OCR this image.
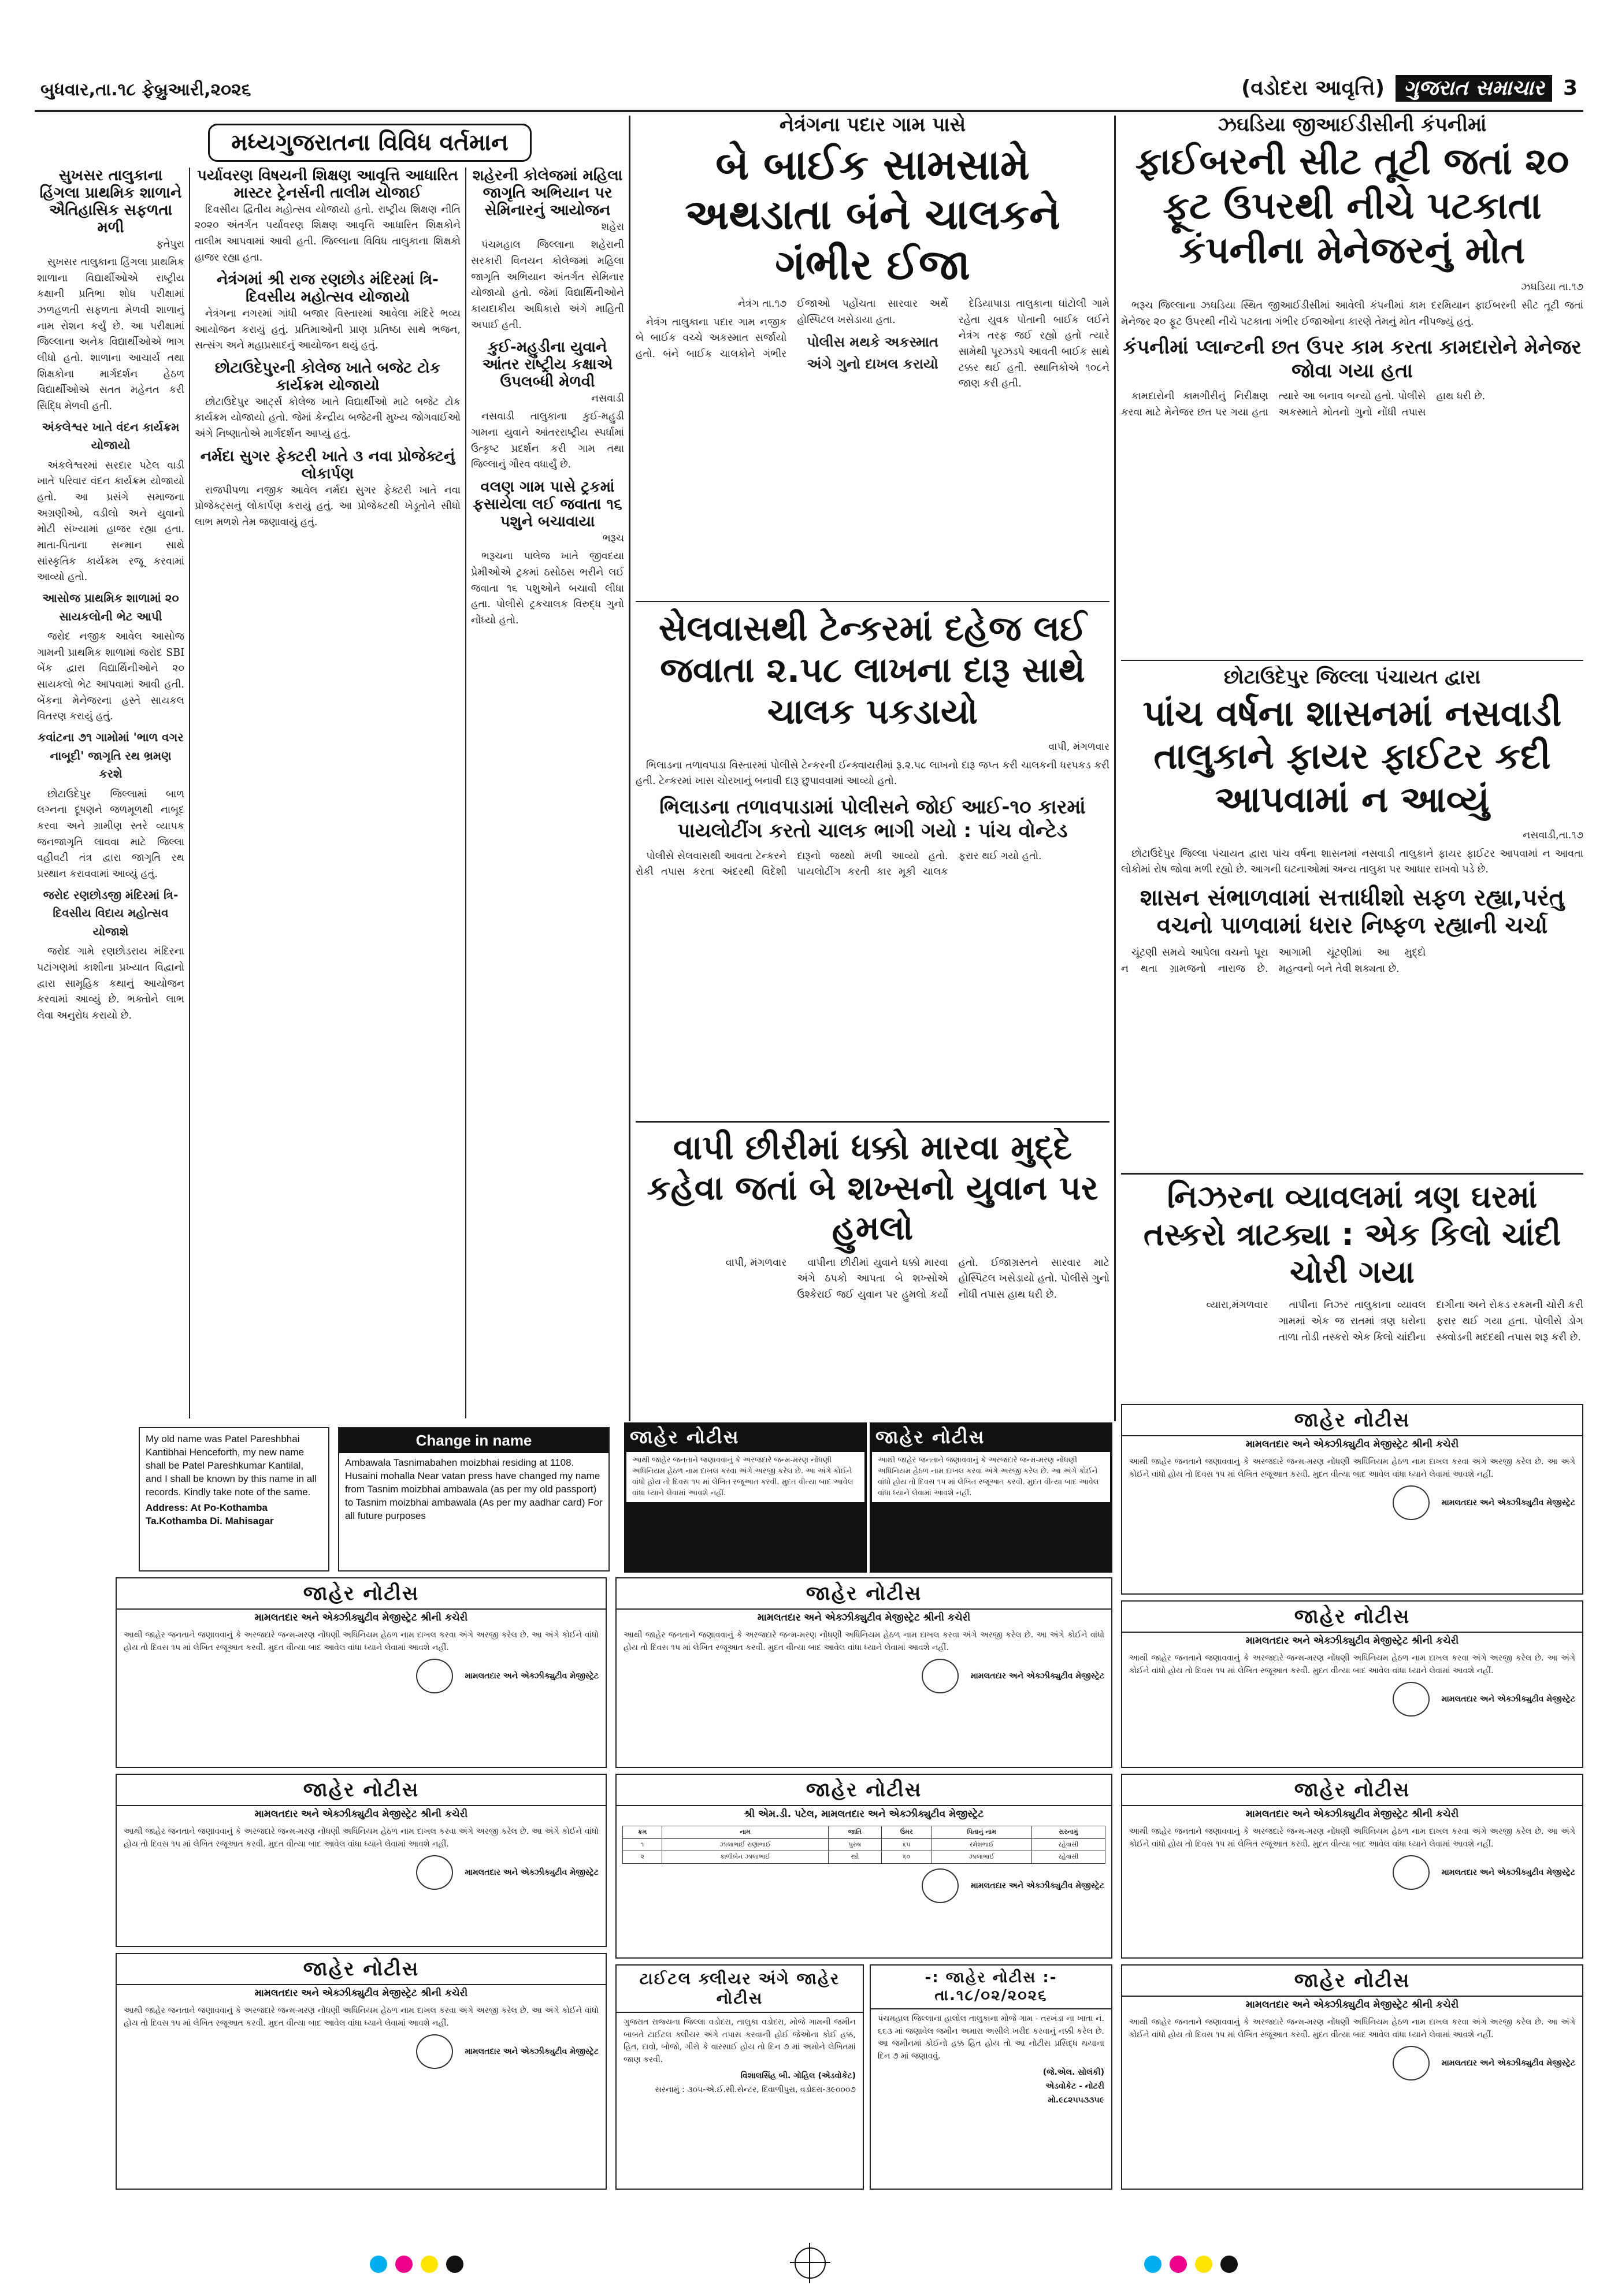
બુધવાર,તા.૧૮ ફેબ્રુઆરી,૨૦૨૬	(વડોદરા આવૃત્તિ) ગુજરાત સમાચાર 3
મધ્યગુજરાતના વિવિધ વર્તમાન
સુખસર તાલુકાના હિંગલા પ્રાથમિક શાળાને ઐતિહાસિક સફળતા મળી

ફતેપુરા

સુખસર તાલુકાના હિંગલા પ્રાથમિક શાળાના વિદ્યાર્થીઓએ રાષ્ટ્રીય કક્ષાની પ્રતિભા શોધ પરીક્ષામાં ઝળહળતી સફળતા મેળવી શાળાનું નામ રોશન કર્યું છે. આ પરીક્ષામાં જિલ્લાના અનેક વિદ્યાર્થીઓએ ભાગ લીધો હતો. શાળાના આચાર્ય તથા શિક્ષકોના માર્ગદર્શન હેઠળ વિદ્યાર્થીઓએ સતત મહેનત કરી સિદ્ધિ મેળવી હતી.

અંકલેશ્વર ખાતે વંદન કાર્યક્રમ યોજાયો

અંકલેશ્વરમાં સરદાર પટેલ વાડી ખાતે પરિવાર વંદન કાર્યક્રમ યોજાયો હતો. આ પ્રસંગે સમાજના અગ્રણીઓ, વડીલો અને યુવાનો મોટી સંખ્યામાં હાજર રહ્યા હતા. માતા-પિતાના સન્માન સાથે સાંસ્કૃતિક કાર્યક્રમ રજૂ કરવામાં આવ્યો હતો.

આસોજ પ્રાથમિક શાળામાં ૨૦ સાયકલોની ભેટ આપી

જરોદ નજીક આવેલ આસોજ ગામની પ્રાથમિક શાળામાં જરોદ SBI બેંક દ્વારા વિદ્યાર્થિનીઓને ૨૦ સાયકલો ભેટ આપવામાં આવી હતી. બેંકના મેનેજરના હસ્તે સાયકલ વિતરણ કરાયું હતું.

કવાંટના ૭૧ ગામોમાં 'ભાળ વગર નાબૂદી' જાગૃતિ રથ ભ્રમણ કરશે

છોટાઉદેપુર જિલ્લામાં બાળ લગ્નના દૂષણને જળમૂળથી નાબૂદ કરવા અને ગ્રામીણ સ્તરે વ્યાપક જનજાગૃતિ લાવવા માટે જિલ્લા વહીવટી તંત્ર દ્વારા જાગૃતિ રથ પ્રસ્થાન કરાવવામાં આવ્યું હતું.

જરોદ રણછોડજી મંદિરમાં ત્રિ-દિવસીય વિદાય મહોત્સવ યોજાશે

જરોદ ગામે રણછોડરાય મંદિરના પટાંગણમાં કાશીના પ્રખ્યાત વિદ્વાનો દ્વારા સામૂહિક કથાનું આયોજન કરવામાં આવ્યું છે. ભક્તોને લાભ લેવા અનુરોધ કરાયો છે.

પર્યાવરણ વિષયની શિક્ષણ આવૃત્તિ આધારિત માસ્ટર ટ્રેનર્સની તાલીમ યોજાઈ

દિવસીય દ્વિતીય મહોત્સવ યોજાયો હતો. રાષ્ટ્રીય શિક્ષણ નીતિ ૨૦૨૦ અંતર્ગત પર્યાવરણ શિક્ષણ આવૃત્તિ આધારિત શિક્ષકોને તાલીમ આપવામાં આવી હતી. જિલ્લાના વિવિધ તાલુકાના શિક્ષકો હાજર રહ્યા હતા.

નેત્રંગમાં શ્રી રાજ રણછોડ મંદિરમાં ત્રિ-દિવસીય મહોત્સવ યોજાયો

નેત્રંગના નગરમાં ગાંધી બજાર વિસ્તારમાં આવેલા મંદિરે ભવ્ય આયોજન કરાયું હતું. પ્રતિમાઓની પ્રાણ પ્રતિષ્ઠા સાથે ભજન, સત્સંગ અને મહાપ્રસાદનું આયોજન થયું હતું.

છોટાઉદેપુરની કોલેજ ખાતે બજેટ ટોક કાર્યક્રમ યોજાયો

છોટાઉદેપુર આર્ટ્સ કોલેજ ખાતે વિદ્યાર્થીઓ માટે બજેટ ટોક કાર્યક્રમ યોજાયો હતો. જેમાં કેન્દ્રીય બજેટની મુખ્ય જોગવાઈઓ અંગે નિષ્ણાતોએ માર્ગદર્શન આપ્યું હતું.

નર્મદા સુગર ફેક્ટરી ખાતે ૩ નવા પ્રોજેક્ટનું લોકાર્પણ

રાજપીપળા નજીક આવેલ નર્મદા સુગર ફેક્ટરી ખાતે નવા પ્રોજેક્ટ્સનું લોકાર્પણ કરાયું હતું. આ પ્રોજેક્ટથી ખેડૂતોને સીધો લાભ મળશે તેમ જણાવાયું હતું.

શહેરની કોલેજમાં મહિલા જાગૃતિ અભિયાન પર સેમિનારનું આયોજન

શહેરા

પંચમહાલ જિલ્લાના શહેરાની સરકારી વિનયન કોલેજમાં મહિલા જાગૃતિ અભિયાન અંતર્ગત સેમિનાર યોજાયો હતો. જેમાં વિદ્યાર્થિનીઓને કાયદાકીય અધિકારો અંગે માહિતી અપાઈ હતી.

કુઈ-મહુડીના યુવાને આંતર રાષ્ટ્રીય કક્ષાએ ઉપલબ્ધી મેળવી

નસવાડી

નસવાડી તાલુકાના કુઈ-મહુડી ગામના યુવાને આંતરરાષ્ટ્રીય સ્પર્ધામાં ઉત્કૃષ્ટ પ્રદર્શન કરી ગામ તથા જિલ્લાનું ગૌરવ વધાર્યું છે.

વલણ ગામ પાસે ટ્રકમાં ફસાયેલા લઈ જવાતા ૧૬ પશુને બચાવાયા

ભરૂચ

ભરૂચના પાલેજ ખાતે જીવદયા પ્રેમીઓએ ટ્રકમાં ઠસોઠસ ભરીને લઈ જવાતા ૧૬ પશુઓને બચાવી લીધા હતા. પોલીસે ટ્રકચાલક વિરુદ્ધ ગુનો નોંધ્યો હતો.

નેત્રંગના પદાર ગામ પાસે
બે બાઈક સામસામે અથડાતા બંને ચાલકને ગંભીર ઈજા

નેત્રંગ તા.૧૭

નેત્રંગ તાલુકાના પદાર ગામ નજીક બે બાઈક વચ્ચે અકસ્માત સર્જાયો હતો. બંને બાઈક ચાલકોને ગંભીર ઈજાઓ પહોંચતા સારવાર અર્થે હોસ્પિટલ ખસેડાયા હતા.

પોલીસ મથકે અકસ્માત અંગે ગુનો દાખલ કરાયો

દેડિયાપાડા તાલુકાના ઘાંટોલી ગામે રહેતા યુવક પોતાની બાઈક લઈને નેત્રંગ તરફ જઈ રહ્યો હતો ત્યારે સામેથી પૂરઝડપે આવતી બાઈક સાથે ટક્કર થઈ હતી. સ્થાનિકોએ ૧૦૮ને જાણ કરી હતી.

સેલવાસથી ટેન્કરમાં દહેજ લઈ જવાતા ૨.૫૮ લાખના દારૂ સાથે ચાલક પકડાયો

વાપી, મંગળવાર

ભિલાડના તળાવપાડા વિસ્તારમાં પોલીસે ટેન્કરની ઈન્ક્વાયરીમાં રૂ.૨.૫૮ લાખનો દારૂ જપ્ત કરી ચાલકની ધરપકડ કરી હતી. ટેન્કરમાં ખાસ ચોરખાનું બનાવી દારૂ છુપાવવામાં આવ્યો હતો.

ભિલાડના તળાવપાડામાં પોલીસને જોઈ આઈ-૧૦ કારમાં પાયલોટીંગ કરતો ચાલક ભાગી ગયો : પાંચ વોન્ટેડ

પોલીસે સેલવાસથી આવતા ટેન્કરને રોકી તપાસ કરતા અંદરથી વિદેશી દારૂનો જથ્થો મળી આવ્યો હતો. પાયલોટીંગ કરતી કાર મૂકી ચાલક ફરાર થઈ ગયો હતો.

વાપી છીરીમાં ધક્કો મારવા મુદ્દે કહેવા જતાં બે શખ્સનો યુવાન પર હુમલો

વાપી, મંગળવાર	વાપીના છીરીમાં યુવાને ધક્કો મારવા અંગે ઠપકો આપતા બે શખ્સોએ ઉશ્કેરાઈ જઈ યુવાન પર હુમલો કર્યો હતો. ઈજાગ્રસ્તને સારવાર માટે હોસ્પિટલ ખસેડાયો હતો. પોલીસે ગુનો નોંધી તપાસ હાથ ધરી છે.

ઝઘડિયા જીઆઈડીસીની કંપનીમાં
ફાઈબરની સીટ તૂટી જતાં ૨૦ ફૂટ ઉપરથી નીચે પટકાતા કંપનીના મેનેજરનું મોત

ઝઘડિયા તા.૧૭

ભરૂચ જિલ્લાના ઝઘડિયા સ્થિત જીઆઈડીસીમાં આવેલી કંપનીમાં કામ દરમિયાન ફાઈબરની સીટ તૂટી જતાં મેનેજર ૨૦ ફૂટ ઉપરથી નીચે પટકાતા ગંભીર ઈજાઓના કારણે તેમનું મોત નીપજ્યું હતું.

કંપનીમાં પ્લાન્ટની છત ઉપર કામ કરતા કામદારોને મેનેજર જોવા ગયા હતા

કામદારોની કામગીરીનું નિરીક્ષણ કરવા માટે મેનેજર છત પર ગયા હતા ત્યારે આ બનાવ બન્યો હતો. પોલીસે અકસ્માતે મોતનો ગુનો નોંધી તપાસ હાથ ધરી છે.

છોટાઉદેપુર જિલ્લા પંચાયત દ્વારા
પાંચ વર્ષના શાસનમાં નસવાડી તાલુકાને ફાયર ફાઈટર કદી આપવામાં ન આવ્યું

નસવાડી,તા.૧૭

છોટાઉદેપુર જિલ્લા પંચાયત દ્વારા પાંચ વર્ષના શાસનમાં નસવાડી તાલુકાને ફાયર ફાઈટર આપવામાં ન આવતા લોકોમાં રોષ જોવા મળી રહ્યો છે. આગની ઘટનાઓમાં અન્ય તાલુકા પર આધાર રાખવો પડે છે.

શાસન સંભાળવામાં સત્તાધીશો સફળ રહ્યા,પરંતુ વચનો પાળવામાં ધરાર નિષ્ફળ રહ્યાની ચર્ચા

ચૂંટણી સમયે આપેલા વચનો પૂરા ન થતા ગ્રામજનો નારાજ છે. આગામી ચૂંટણીમાં આ મુદ્દો મહત્વનો બને તેવી શક્યતા છે.

નિઝરના વ્યાવલમાં ત્રણ ઘરમાં તસ્કરો ત્રાટક્યા : એક કિલો ચાંદી ચોરી ગયા

વ્યારા,મંગળવાર	તાપીના નિઝર તાલુકાના વ્યાવલ ગામમાં એક જ રાતમાં ત્રણ ઘરોના તાળા તોડી તસ્કરો એક કિલો ચાંદીના દાગીના અને રોકડ રકમની ચોરી કરી ફરાર થઈ ગયા હતા. પોલીસે ડોગ સ્ક્વોડની મદદથી તપાસ શરૂ કરી છે.

જાહેર નોટીસ
આથી જાહેર જનતાને જણાવવાનું કે અરજદારે જન્મ-મરણ નોંધણી અધિનિયમ હેઠળ નામ દાખલ કરવા અંગે અરજી કરેલ છે. આ અંગે કોઈને વાંધો હોય તો દિવસ ૧૫ માં લેખિત રજૂઆત કરવી. મુદત વીત્યા બાદ આવેલ વાંધા ધ્યાને લેવામાં આવશે નહીં.
જાહેર નોટીસ
આથી જાહેર જનતાને જણાવવાનું કે અરજદારે જન્મ-મરણ નોંધણી અધિનિયમ હેઠળ નામ દાખલ કરવા અંગે અરજી કરેલ છે. આ અંગે કોઈને વાંધો હોય તો દિવસ ૧૫ માં લેખિત રજૂઆત કરવી. મુદત વીત્યા બાદ આવેલ વાંધા ધ્યાને લેવામાં આવશે નહીં.
જાહેર નોટીસ
મામલતદાર અને એક્ઝીક્યુટીવ મેજીસ્ટ્રેટ શ્રીની કચેરી
આથી જાહેર જનતાને જણાવવાનું કે અરજદારે જન્મ-મરણ નોંધણી અધિનિયમ હેઠળ નામ દાખલ કરવા અંગે અરજી કરેલ છે. આ અંગે કોઈને વાંધો હોય તો દિવસ ૧૫ માં લેખિત રજૂઆત કરવી. મુદત વીત્યા બાદ આવેલ વાંધા ધ્યાને લેવામાં આવશે નહીં.
મામલતદાર અને એક્ઝીક્યુટીવ મેજીસ્ટ્રેટ
My old name was Patel Pareshbhai Kantibhai Henceforth, my new name shall be Patel Pareshkumar Kantilal, and I shall be known by this name in all records. Kindly take note of the same.
Address: At Po-Kothamba Ta.Kothamba Di. Mahisagar
Change in name
Ambawala Tasnimabahen moizbhai residing at 1108. Husaini mohalla Near vatan press have changed my name from Tasnim moizbhai ambawala (as per my old passport) to Tasnim moizbhai ambawala (As per my aadhar card) For all future purposes
જાહેર નોટીસ
મામલતદાર અને એક્ઝીક્યુટીવ મેજીસ્ટ્રેટ શ્રીની કચેરી
આથી જાહેર જનતાને જણાવવાનું કે અરજદારે જન્મ-મરણ નોંધણી અધિનિયમ હેઠળ નામ દાખલ કરવા અંગે અરજી કરેલ છે. આ અંગે કોઈને વાંધો હોય તો દિવસ ૧૫ માં લેખિત રજૂઆત કરવી. મુદત વીત્યા બાદ આવેલ વાંધા ધ્યાને લેવામાં આવશે નહીં.
મામલતદાર અને એક્ઝીક્યુટીવ મેજીસ્ટ્રેટ
જાહેર નોટીસ
મામલતદાર અને એક્ઝીક્યુટીવ મેજીસ્ટ્રેટ શ્રીની કચેરી
આથી જાહેર જનતાને જણાવવાનું કે અરજદારે જન્મ-મરણ નોંધણી અધિનિયમ હેઠળ નામ દાખલ કરવા અંગે અરજી કરેલ છે. આ અંગે કોઈને વાંધો હોય તો દિવસ ૧૫ માં લેખિત રજૂઆત કરવી. મુદત વીત્યા બાદ આવેલ વાંધા ધ્યાને લેવામાં આવશે નહીં.
મામલતદાર અને એક્ઝીક્યુટીવ મેજીસ્ટ્રેટ
જાહેર નોટીસ
મામલતદાર અને એક્ઝીક્યુટીવ મેજીસ્ટ્રેટ શ્રીની કચેરી
આથી જાહેર જનતાને જણાવવાનું કે અરજદારે જન્મ-મરણ નોંધણી અધિનિયમ હેઠળ નામ દાખલ કરવા અંગે અરજી કરેલ છે. આ અંગે કોઈને વાંધો હોય તો દિવસ ૧૫ માં લેખિત રજૂઆત કરવી. મુદત વીત્યા બાદ આવેલ વાંધા ધ્યાને લેવામાં આવશે નહીં.
મામલતદાર અને એક્ઝીક્યુટીવ મેજીસ્ટ્રેટ
જાહેર નોટીસ
મામલતદાર અને એક્ઝીક્યુટીવ મેજીસ્ટ્રેટ શ્રીની કચેરી
આથી જાહેર જનતાને જણાવવાનું કે અરજદારે જન્મ-મરણ નોંધણી અધિનિયમ હેઠળ નામ દાખલ કરવા અંગે અરજી કરેલ છે. આ અંગે કોઈને વાંધો હોય તો દિવસ ૧૫ માં લેખિત રજૂઆત કરવી. મુદત વીત્યા બાદ આવેલ વાંધા ધ્યાને લેવામાં આવશે નહીં.
મામલતદાર અને એક્ઝીક્યુટીવ મેજીસ્ટ્રેટ
જાહેર નોટીસ
શ્રી એમ.ડી. પટેલ, મામલતદાર અને એક્ઝીક્યુટીવ મેજીસ્ટ્રેટ
ક્રમ	નામ	જાતિ	ઉંમર	પિતાનું નામ	સરનામું
૧	ઝાલાભાઈ રાણાભાઈ	પુરુષ	૬૫	રમેશભાઈ	રહેવાસી
૨	કાળીબેન ઝાલાભાઈ	સ્ત્રી	૬૦	ઝાલાભાઈ	રહેવાસી
મામલતદાર અને એક્ઝીક્યુટીવ મેજીસ્ટ્રેટ
જાહેર નોટીસ
મામલતદાર અને એક્ઝીક્યુટીવ મેજીસ્ટ્રેટ શ્રીની કચેરી
આથી જાહેર જનતાને જણાવવાનું કે અરજદારે જન્મ-મરણ નોંધણી અધિનિયમ હેઠળ નામ દાખલ કરવા અંગે અરજી કરેલ છે. આ અંગે કોઈને વાંધો હોય તો દિવસ ૧૫ માં લેખિત રજૂઆત કરવી. મુદત વીત્યા બાદ આવેલ વાંધા ધ્યાને લેવામાં આવશે નહીં.
મામલતદાર અને એક્ઝીક્યુટીવ મેજીસ્ટ્રેટ
જાહેર નોટીસ
મામલતદાર અને એક્ઝીક્યુટીવ મેજીસ્ટ્રેટ શ્રીની કચેરી
આથી જાહેર જનતાને જણાવવાનું કે અરજદારે જન્મ-મરણ નોંધણી અધિનિયમ હેઠળ નામ દાખલ કરવા અંગે અરજી કરેલ છે. આ અંગે કોઈને વાંધો હોય તો દિવસ ૧૫ માં લેખિત રજૂઆત કરવી. મુદત વીત્યા બાદ આવેલ વાંધા ધ્યાને લેવામાં આવશે નહીં.
મામલતદાર અને એક્ઝીક્યુટીવ મેજીસ્ટ્રેટ
ટાઈટલ ક્લીયર અંગે જાહેર નોટીસ
ગુજરાત રાજ્યના જિલ્લા વડોદરા, તાલુકા વડોદરા, મોજે ગામની જમીન બાબતે ટાઈટલ ક્લીયર અંગે તપાસ કરવાની હોઈ જેઓના કોઈ હક્ક, હિત, દાવો, બોજો, ગીરો કે વારસાઈ હોય તો દિન ૭ માં અમોને લેખિતમાં જાણ કરવી.
વિશાલસિંહ બી. ગોહિલ (એડવોકેટ)
સરનામું : ૩૦૫-એ.ઈ.સી.સેન્ટર, દિવાળીપુરા, વડોદરા-૩૯૦૦૦૭
-: જાહેર નોટીસ :- તા.૧૮/૦૨/૨૦૨૬
પંચમહાલ જિલ્લાના હાલોલ તાલુકાના મોજે ગામ - તરખંડા ના ખાતા નં. ૬૬૩ માં જણાવેલ જમીન અમારા અસીલે ખરીદ કરવાનું નક્કી કરેલ છે. આ જમીનમાં કોઈનો હક્ક હિત હોય તો આ નોટીસ પ્રસિદ્ધ થયાના દિન ૭ માં જણાવવું.
(જે.એલ. સોલંકી)
એડવોકેટ - નોટરી
મો.૯૮૨૫૫૩૩૫૯
જાહેર નોટીસ
મામલતદાર અને એક્ઝીક્યુટીવ મેજીસ્ટ્રેટ શ્રીની કચેરી
આથી જાહેર જનતાને જણાવવાનું કે અરજદારે જન્મ-મરણ નોંધણી અધિનિયમ હેઠળ નામ દાખલ કરવા અંગે અરજી કરેલ છે. આ અંગે કોઈને વાંધો હોય તો દિવસ ૧૫ માં લેખિત રજૂઆત કરવી. મુદત વીત્યા બાદ આવેલ વાંધા ધ્યાને લેવામાં આવશે નહીં.
મામલતદાર અને એક્ઝીક્યુટીવ મેજીસ્ટ્રેટ
